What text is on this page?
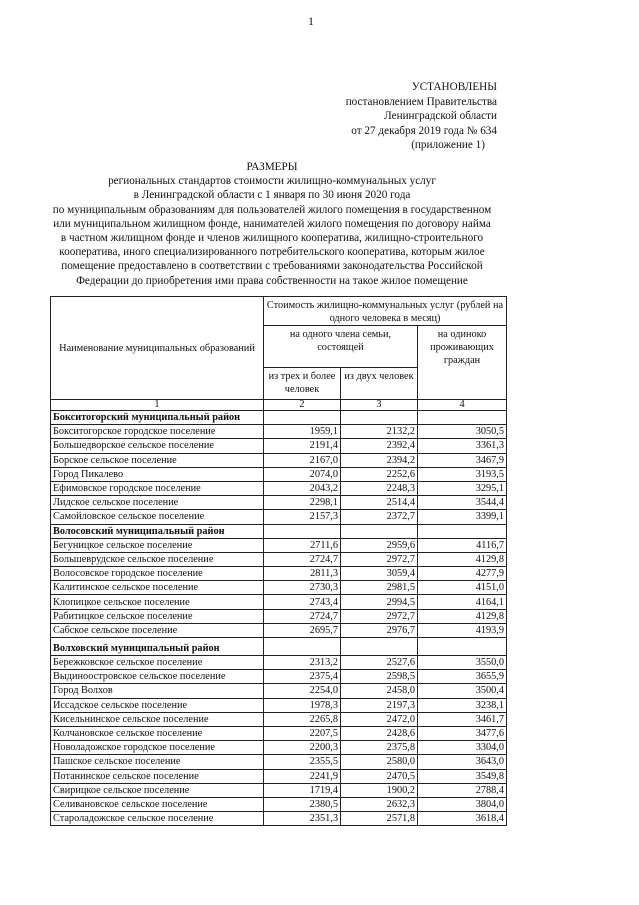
1
УСТАНОВЛЕНЫ
постановлением Правительства
Ленинградской области
от 27 декабря 2019 года № 634
(приложение 1)
РАЗМЕРЫ
региональных стандартов стоимости жилищно-коммунальных услуг
в Ленинградской области с 1 января по 30 июня 2020 года
по муниципальным образованиям для пользователей жилого помещения в государственном
или муниципальном жилищном фонде, нанимателей жилого помещения по договору найма
в частном жилищном фонде и членов жилищного кооператива, жилищно-строительного
кооператива, иного специализированного потребительского кооператива, которым жилое
помещение предоставлено в соответствии с требованиями законодательства Российской
Федерации до приобретения ими права собственности на такое жилое помещение
Наименование муниципальных образований	Стоимость жилищно-коммунальных услуг (рублей на одного человека в месяц)		
	на одного члена семьи, состоящей		на одиноко проживающих граждан
	из трех и более человек	из двух человек	
1	2	3	4
Бокситогорский муниципальный район			
Бокситогорское городское поселение	1959,1	2132,2	3050,5
Большедворское сельское поселение	2191,4	2392,4	3361,3
Борское сельское поселение	2167,0	2394,2	3467,9
Город Пикалево	2074,0	2252,6	3193,5
Ефимовское городское поселение	2043,2	2248,3	3295,1
Лидское сельское поселение	2298,1	2514,4	3544,4
Самойловское сельское поселение	2157,3	2372,7	3399,1
Волосовский муниципальный район			
Бегуницкое сельское поселение	2711,6	2959,6	4116,7
Большеврудское сельское поселение	2724,7	2972,7	4129,8
Волосовское городское поселение	2811,3	3059,4	4277,9
Калитинское сельское поселение	2730,3	2981,5	4151,0
Клопицкое сельское поселение	2743,4	2994,5	4164,1
Рабитицкое сельское поселение	2724,7	2972,7	4129,8
Сабское сельское поселение	2695,7	2976,7	4193,9
Волховский муниципальный район			
Бережковское сельское поселение	2313,2	2527,6	3550,0
Выдиноостровское сельское поселение	2375,4	2598,5	3655,9
Город Волхов	2254,0	2458,0	3500,4
Иссадское сельское поселение	1978,3	2197,3	3238,1
Кисельнинское сельское поселение	2265,8	2472,0	3461,7
Колчановское сельское поселение	2207,5	2428,6	3477,6
Новоладожское городское поселение	2200,3	2375,8	3304,0
Пашское сельское поселение	2355,5	2580,0	3643,0
Потанинское сельское поселение	2241,9	2470,5	3549,8
Свирицкое сельское поселение	1719,4	1900,2	2788,4
Селивановское сельское поселение	2380,5	2632,3	3804,0
Староладожское сельское поселение	2351,3	2571,8	3618,4
